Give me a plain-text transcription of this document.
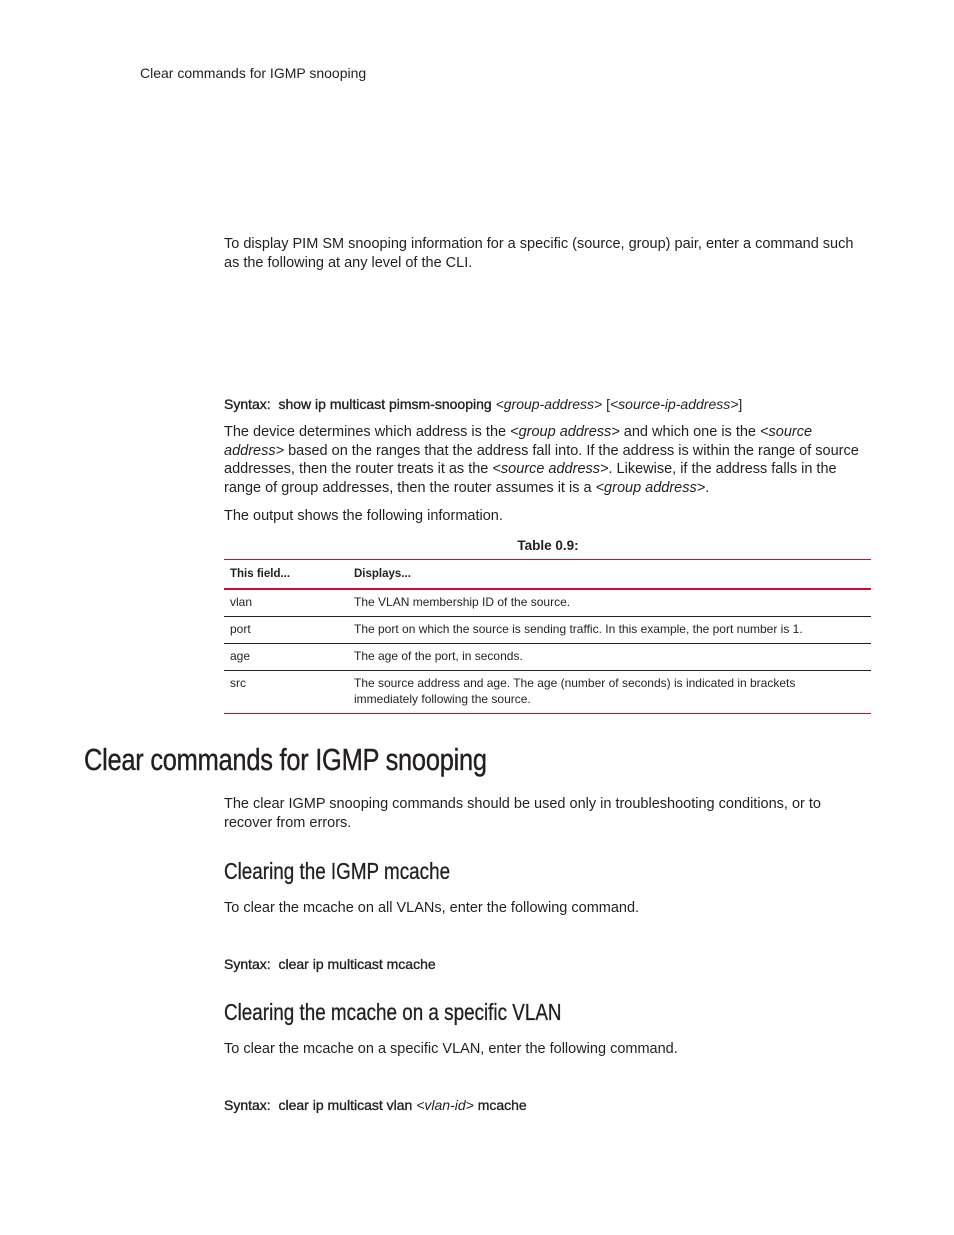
Clear commands for IGMP snooping
To display PIM SM snooping information for a specific (source, group) pair, enter a command such as the following at any level of the CLI.
Syntax: show ip multicast pimsm-snooping <group-address> [<source-ip-address>]
The device determines which address is the <group address> and which one is the <source address> based on the ranges that the address fall into. If the address is within the range of source addresses, then the router treats it as the <source address>. Likewise, if the address falls in the range of group addresses, then the router assumes it is a <group address>.
The output shows the following information.
Table 0.9:
This field...	Displays...
vlan	The VLAN membership ID of the source.
port	The port on which the source is sending traffic. In this example, the port number is 1.
age	The age of the port, in seconds.
src	The source address and age. The age (number of seconds) is indicated in brackets immediately following the source.
Clear commands for IGMP snooping
The clear IGMP snooping commands should be used only in troubleshooting conditions, or to recover from errors.
Clearing the IGMP mcache
To clear the mcache on all VLANs, enter the following command.
Syntax: clear ip multicast mcache
Clearing the mcache on a specific VLAN
To clear the mcache on a specific VLAN, enter the following command.
Syntax: clear ip multicast vlan <vlan-id> mcache
